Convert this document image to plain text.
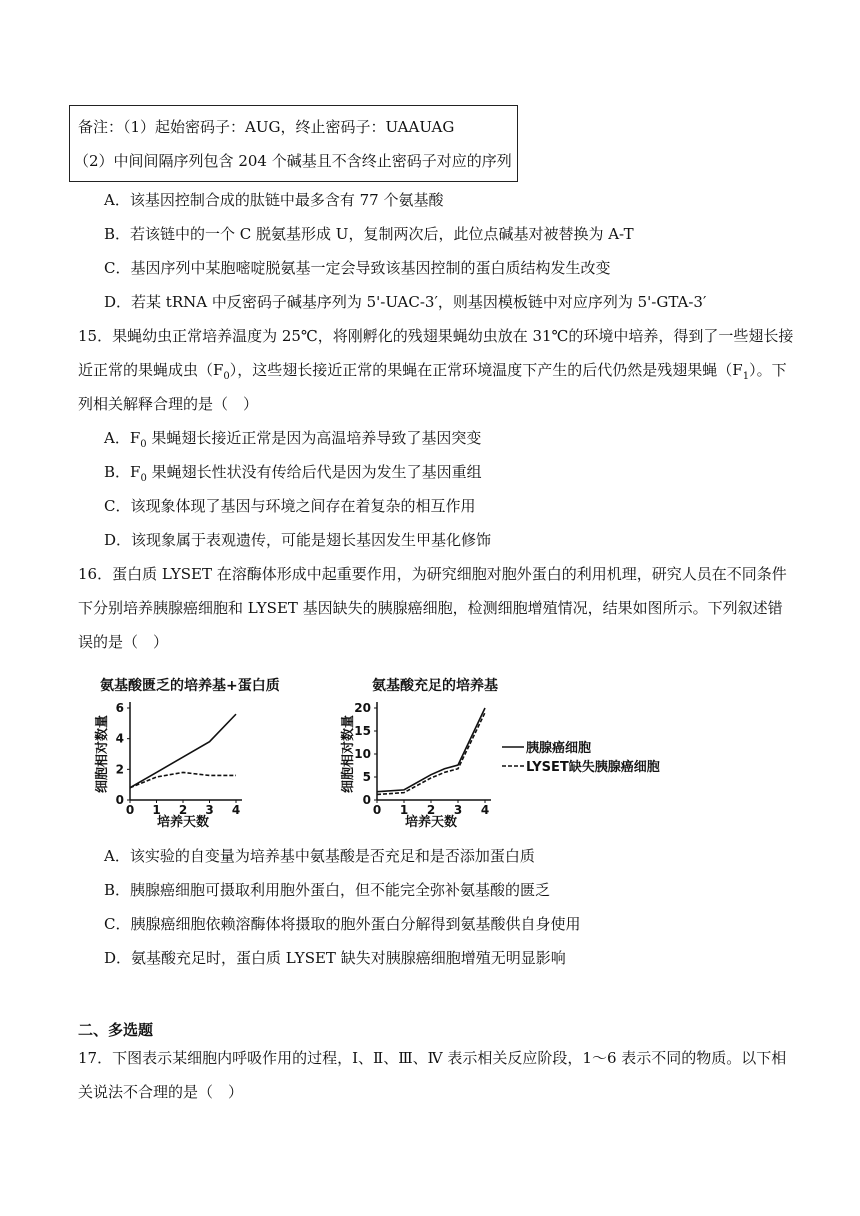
备注：（1）起始密码子：AUG，终止密码子：UAAUAG
（2）中间间隔序列包含 204 个碱基且不含终止密码子对应的序列
A．该基因控制合成的肽链中最多含有 77 个氨基酸
B．若该链中的一个 C 脱氨基形成 U，复制两次后，此位点碱基对被替换为 A-T
C．基因序列中某胞嘧啶脱氨基一定会导致该基因控制的蛋白质结构发生改变
D．若某 tRNA 中反密码子碱基序列为 5'-UAC-3′，则基因模板链中对应序列为 5'-GTA-3′
15．果蝇幼虫正常培养温度为 25℃，将刚孵化的残翅果蝇幼虫放在 31℃的环境中培养，得到了一些翅长接
近正常的果蝇成虫$(F_0)$，这些翅长接近正常的果蝇在正常环境温度下产生的后代仍然是残翅果蝇$(F_1)$。下
列相关解释合理的是（　）
A．$F_0$ 果蝇翅长接近正常是因为高温培养导致了基因突变
B．$F_0$ 果蝇翅长性状没有传给后代是因为发生了基因重组
C．该现象体现了基因与环境之间存在着复杂的相互作用
D．该现象属于表观遗传，可能是翅长基因发生甲基化修饰
16．蛋白质 LYSET 在溶酶体形成中起重要作用，为研究细胞对胞外蛋白的利用机理，研究人员在不同条件
下分别培养胰腺癌细胞和 LYSET 基因缺失的胰腺癌细胞，检测细胞增殖情况，结果如图所示。下列叙述错
误的是（　）
氨基酸匮乏的培养基+蛋白质
0 1 2 3 4
0
2
4
6
培养天数
细胞相对数量
氨基酸充足的培养基
0 1 2 3 4
0
5
10
15
20
培养天数
细胞相对数量	胰腺癌细胞
LYSET缺失胰腺癌细胞
A．该实验的自变量为培养基中氨基酸是否充足和是否添加蛋白质
B．胰腺癌细胞可摄取利用胞外蛋白，但不能完全弥补氨基酸的匮乏
C．胰腺癌细胞依赖溶酶体将摄取的胞外蛋白分解得到氨基酸供自身使用
D．氨基酸充足时，蛋白质 LYSET 缺失对胰腺癌细胞增殖无明显影响
二、多选题
17．下图表示某细胞内呼吸作用的过程，Ⅰ、Ⅱ、Ⅲ、Ⅳ 表示相关反应阶段，1～6 表示不同的物质。以下相
关说法不合理的是（　）
